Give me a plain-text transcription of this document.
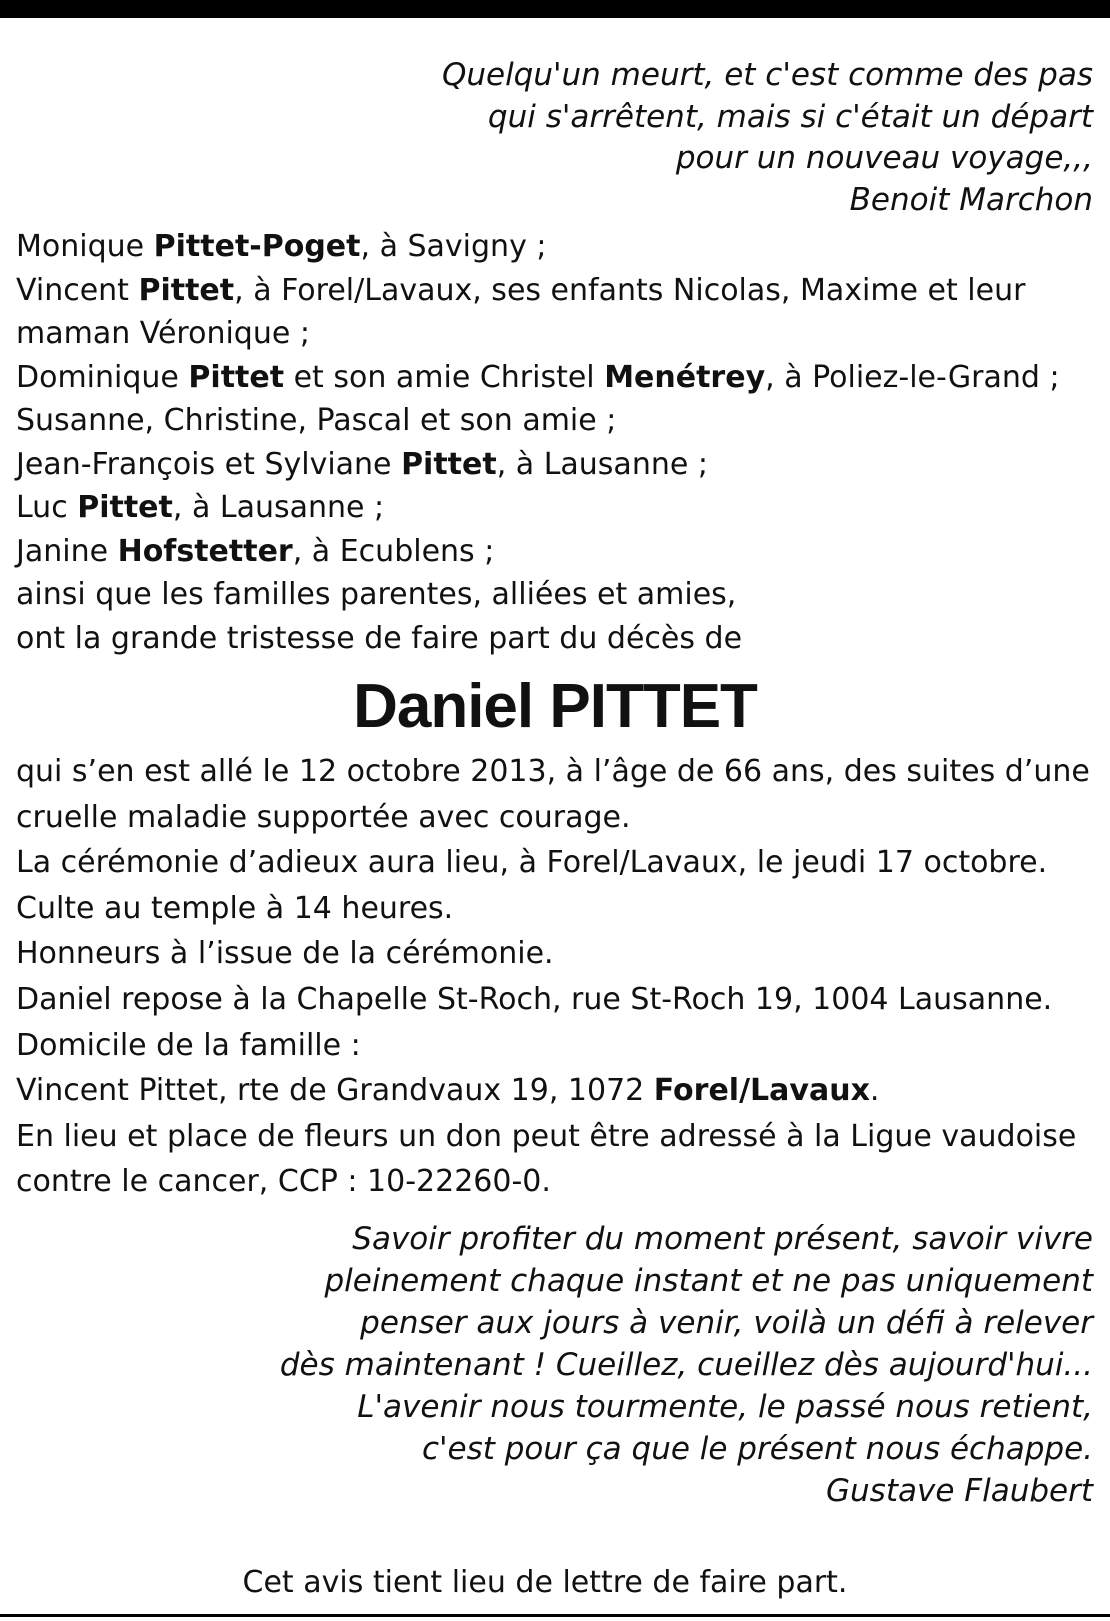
Quelqu'un meurt, et c'est comme des pas
qui s'arrêtent, mais si c'était un départ
pour un nouveau voyage,,,
Benoit Marchon
Monique Pittet-Poget, à Savigny ;
Vincent Pittet, à Forel/Lavaux, ses enfants Nicolas, Maxime et leur
maman Véronique ;
Dominique Pittet et son amie Christel Menétrey, à Poliez-le-Grand ;
Susanne, Christine, Pascal et son amie ;
Jean-François et Sylviane Pittet, à Lausanne ;
Luc Pittet, à Lausanne ;
Janine Hofstetter, à Ecublens ;
ainsi que les familles parentes, alliées et amies,
ont la grande tristesse de faire part du décès de
Daniel PITTET
qui s’en est allé le 12 octobre 2013, à l’âge de 66 ans, des suites d’une
cruelle maladie supportée avec courage.
La cérémonie d’adieux aura lieu, à Forel/Lavaux, le jeudi 17 octobre.
Culte au temple à 14 heures.
Honneurs à l’issue de la cérémonie.
Daniel repose à la Chapelle St-Roch, rue St-Roch 19, 1004 Lausanne.
Domicile de la famille :
Vincent Pittet, rte de Grandvaux 19, 1072 Forel/Lavaux.
En lieu et place de fleurs un don peut être adressé à la Ligue vaudoise
contre le cancer, CCP : 10-22260-0.
Savoir profiter du moment présent, savoir vivre
pleinement chaque instant et ne pas uniquement
penser aux jours à venir, voilà un défi à relever
dès maintenant ! Cueillez, cueillez dès aujourd'hui...
L'avenir nous tourmente, le passé nous retient,
c'est pour ça que le présent nous échappe.
Gustave Flaubert
Cet avis tient lieu de lettre de faire part.
